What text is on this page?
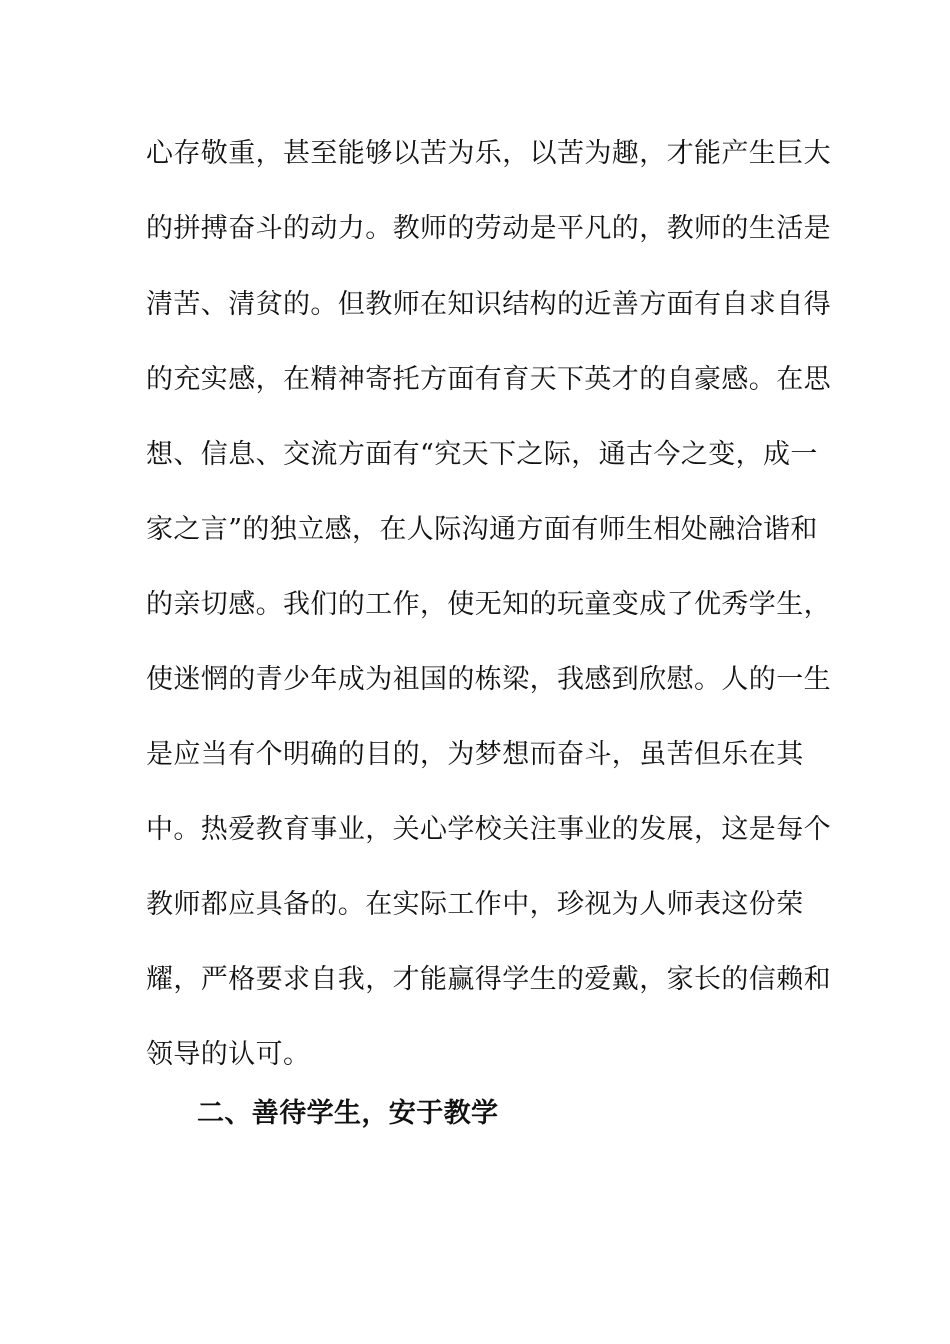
心存敬重，甚至能够以苦为乐，以苦为趣，才能产生巨大
的拼搏奋斗的动力。教师的劳动是平凡的，教师的生活是
清苦、清贫的。但教师在知识结构的近善方面有自求自得
的充实感，在精神寄托方面有育天下英才的自豪感。在思
想、信息、交流方面有“究天下之际，通古今之变，成一
家之言”的独立感，在人际沟通方面有师生相处融洽谐和
的亲切感。我们的工作，使无知的玩童变成了优秀学生，
使迷惘的青少年成为祖国的栋梁，我感到欣慰。人的一生
是应当有个明确的目的，为梦想而奋斗，虽苦但乐在其
中。热爱教育事业，关心学校关注事业的发展，这是每个
教师都应具备的。在实际工作中，珍视为人师表这份荣
耀，严格要求自我，才能赢得学生的爱戴，家长的信赖和
领导的认可。
二、善待学生，安于教学
